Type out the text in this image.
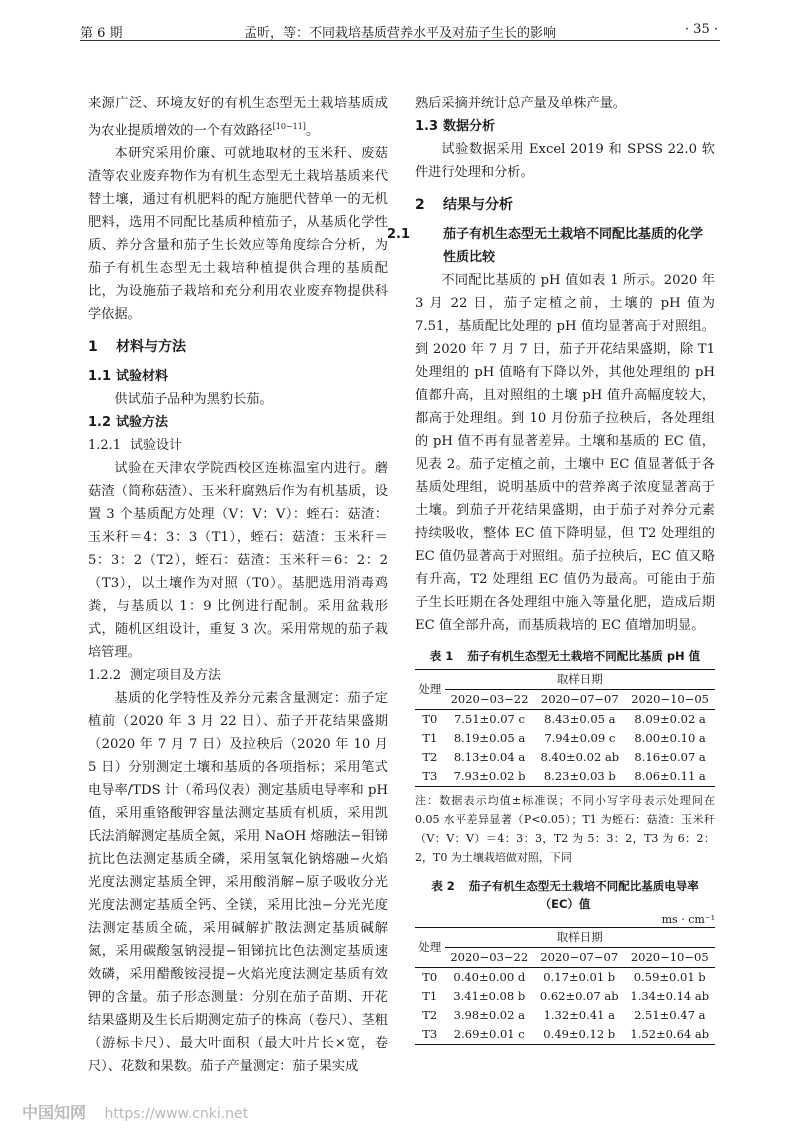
第 6 期	孟昕，等：不同栽培基质营养水平及对茄子生长的影响	· 35 ·

来源广泛、环境友好的有机生态型无土栽培基质成为农业提质增效的一个有效路径[10−11]。

本研究采用价廉、可就地取材的玉米秆、废菇渣等农业废弃物作为有机生态型无土栽培基质来代替土壤，通过有机肥料的配方施肥代替单一的无机肥料，选用不同配比基质种植茄子，从基质化学性质、养分含量和茄子生长效应等角度综合分析，为茄子有机生态型无土栽培种植提供合理的基质配比，为设施茄子栽培和充分利用农业废弃物提供科学依据。

1 材料与方法
1.1 试验材料

供试茄子品种为黑豹长茄。

1.2 试验方法
1.2.1 试验设计

试验在天津农学院西校区连栋温室内进行。蘑菇渣（简称菇渣）、玉米秆腐熟后作为有机基质，设置 3 个基质配方处理（V：V：V）：蛭石：菇渣：玉米秆＝4：3：3（T1），蛭石：菇渣：玉米秆＝5：3：2（T2），蛭石：菇渣：玉米秆＝6：2：2（T3），以土壤作为对照（T0）。基肥选用消毒鸡粪，与基质以 1：9 比例进行配制。采用盆栽形式，随机区组设计，重复 3 次。采用常规的茄子栽培管理。

1.2.2 测定项目及方法

基质的化学特性及养分元素含量测定：茄子定植前（2020 年 3 月 22 日）、茄子开花结果盛期（2020 年 7 月 7 日）及拉秧后（2020 年 10 月 5 日）分别测定土壤和基质的各项指标；采用笔式电导率/TDS 计（希玛仪表）测定基质电导率和 pH 值，采用重铬酸钾容量法测定基质有机质，采用凯氏法消解测定基质全氮，采用 NaOH 熔融法−钼锑抗比色法测定基质全磷，采用氢氧化钠熔融−火焰光度法测定基质全钾，采用酸消解−原子吸收分光光度法测定基质全钙、全镁，采用比浊−分光光度法测定基质全硫，采用碱解扩散法测定基质碱解氮，采用碳酸氢钠浸提−钼锑抗比色法测定基质速效磷，采用醋酸铵浸提−火焰光度法测定基质有效钾的含量。茄子形态测量：分别在茄子苗期、开花结果盛期及生长后期测定茄子的株高（卷尺）、茎粗（游标卡尺）、最大叶面积（最大叶片长×宽，卷尺）、花数和果数。茄子产量测定：茄子果实成

熟后采摘并统计总产量及单株产量。

1.3 数据分析

试验数据采用 Excel 2019 和 SPSS 22.0 软件进行处理和分析。

2 结果与分析
2.1	茄子有机生态型无土栽培不同配比基质的化学性质比较

不同配比基质的 pH 值如表 1 所示。2020 年 3 月 22 日，茄子定植之前，土壤的 pH 值为 7.51，基质配比处理的 pH 值均显著高于对照组。到 2020 年 7 月 7 日，茄子开花结果盛期，除 T1 处理组的 pH 值略有下降以外，其他处理组的 pH 值都升高，且对照组的土壤 pH 值升高幅度较大，都高于处理组。到 10 月份茄子拉秧后，各处理组的 pH 值不再有显著差异。土壤和基质的 EC 值，见表 2。茄子定植之前，土壤中 EC 值显著低于各基质处理组，说明基质中的营养离子浓度显著高于土壤。到茄子开花结果盛期，由于茄子对养分元素持续吸收，整体 EC 值下降明显，但 T2 处理组的 EC 值仍显著高于对照组。茄子拉秧后，EC 值又略有升高，T2 处理组 EC 值仍为最高。可能由于茄子生长旺期在各处理组中施入等量化肥，造成后期 EC 值全部升高，而基质栽培的 EC 值增加明显。

表 1 茄子有机生态型无土栽培不同配比基质 pH 值
处理	取样日期		
	2020−03−22	2020−07−07	2020−10−05
T0	7.51±0.07 c	8.43±0.05 a	8.09±0.02 a
T1	8.19±0.05 a	7.94±0.09 c	8.00±0.10 a
T2	8.13±0.04 a	8.40±0.02 ab	8.16±0.07 a
T3	7.93±0.02 b	8.23±0.03 b	8.06±0.11 a
注：数据表示均值±标准误；不同小写字母表示处理间在 0.05 水平差异显著（P<0.05）；T1 为蛭石：菇渣：玉米秆（V：V：V）＝4：3：3，T2 为 5：3：2，T3 为 6：2：2，T0 为土壤栽培做对照，下同
表 2 茄子有机生态型无土栽培不同配比基质电导率（EC）值
ms · cm⁻¹
处理	取样日期		
	2020−03−22	2020−07−07	2020−10−05
T0	0.40±0.00 d	0.17±0.01 b	0.59±0.01 b
T1	3.41±0.08 b	0.62±0.07 ab	1.34±0.14 ab
T2	3.98±0.02 a	1.32±0.41 a	2.51±0.47 a
T3	2.69±0.01 c	0.49±0.12 b	1.52±0.64 ab
中国知网 https://www.cnki.net
